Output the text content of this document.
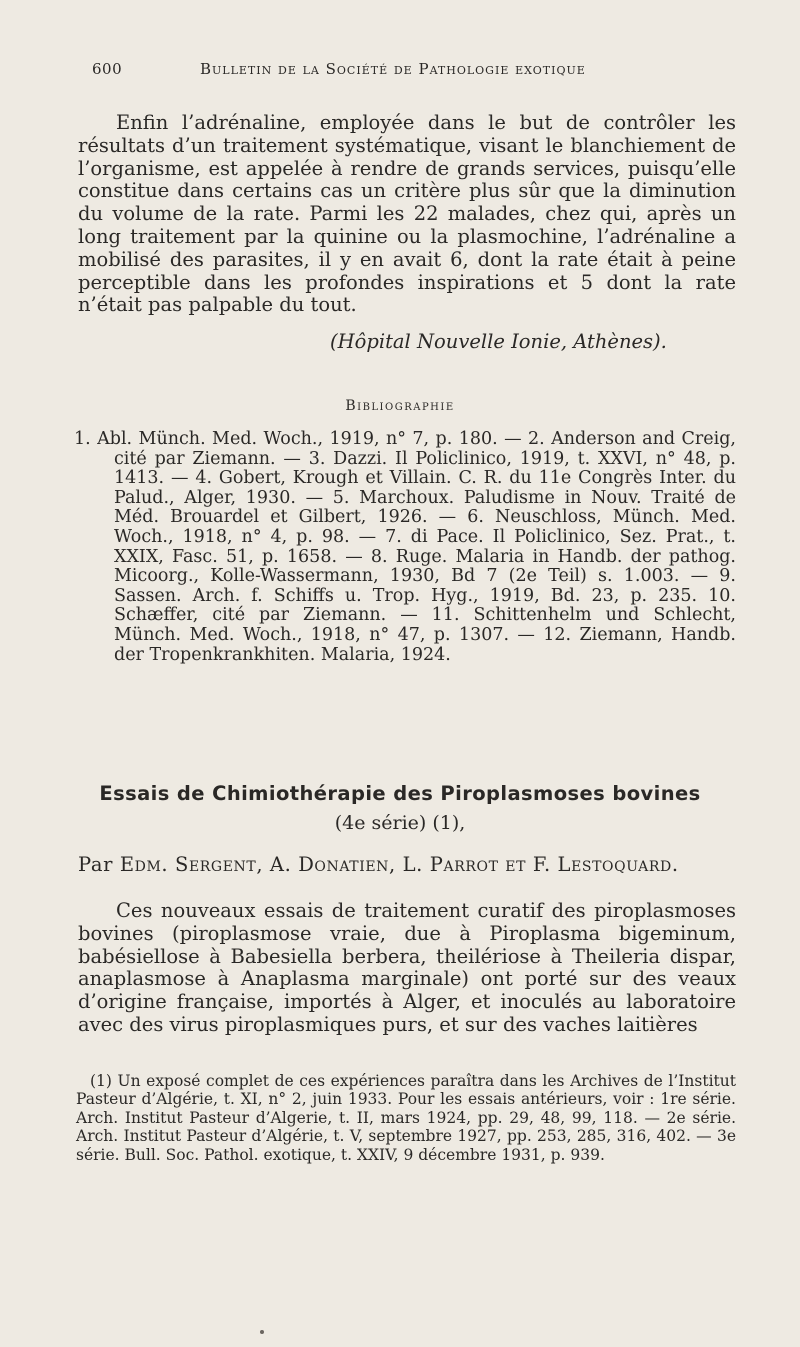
600	Bulletin de la Société de Pathologie exotique

Enfin l’adrénaline, employée dans le but de contrôler les résultats d’un traitement systématique, visant le blanchiement de l’organisme, est appelée à rendre de grands services, puisqu’elle constitue dans certains cas un critère plus sûr que la diminution du volume de la rate. Parmi les 22 malades, chez qui, après un long traitement par la quinine ou la plasmochine, l’adrénaline a mobilisé des parasites, il y en avait 6, dont la rate était à peine perceptible dans les profondes inspirations et 5 dont la rate n’était pas palpable du tout.

(Hôpital Nouvelle Ionie, Athènes).
Bibliographie

1. Abl. Münch. Med. Woch., 1919, n° 7, p. 180. — 2. Anderson and Creig, cité par Ziemann. — 3. Dazzi. Il Policlinico, 1919, t. XXVI, n° 48, p. 1413. — 4. Gobert, Krough et Villain. C. R. du 11e Congrès Inter. du Palud., Alger, 1930. — 5. Marchoux. Paludisme in Nouv. Traité de Méd. Brouardel et Gilbert, 1926. — 6. Neuschloss, Münch. Med. Woch., 1918, n° 4, p. 98. — 7. di Pace. Il Policlinico, Sez. Prat., t. XXIX, Fasc. 51, p. 1658. — 8. Ruge. Malaria in Handb. der pathog. Micoorg., Kolle-Wassermann, 1930, Bd 7 (2e Teil) s. 1.003. — 9. Sassen. Arch. f. Schiffs u. Trop. Hyg., 1919, Bd. 23, p. 235. 10. Schæffer, cité par Ziemann. — 11. Schittenhelm und Schlecht, Münch. Med. Woch., 1918, n° 47, p. 1307. — 12. Ziemann, Handb. der Tropenkrankhiten. Malaria, 1924.

Essais de Chimiothérapie des Piroplasmoses bovines
(4e série) (1),
Par Edm. Sergent, A. Donatien, L. Parrot et F. Lestoquard.

Ces nouveaux essais de traitement curatif des piroplasmoses bovines (piroplasmose vraie, due à Piroplasma bigeminum, babésiellose à Babesiella berbera, theilériose à Theileria dispar, anaplasmose à Anaplasma marginale) ont porté sur des veaux d’origine française, importés à Alger, et inoculés au laboratoire avec des virus piroplasmiques purs, et sur des vaches laitières

(1) Un exposé complet de ces expériences paraîtra dans les Archives de l’Institut Pasteur d’Algérie, t. XI, n° 2, juin 1933. Pour les essais antérieurs, voir : 1re série. Arch. Institut Pasteur d’Algerie, t. II, mars 1924, pp. 29, 48, 99, 118. — 2e série. Arch. Institut Pasteur d’Algérie, t. V, septembre 1927, pp. 253, 285, 316, 402. — 3e série. Bull. Soc. Pathol. exotique, t. XXIV, 9 décembre 1931, p. 939.
